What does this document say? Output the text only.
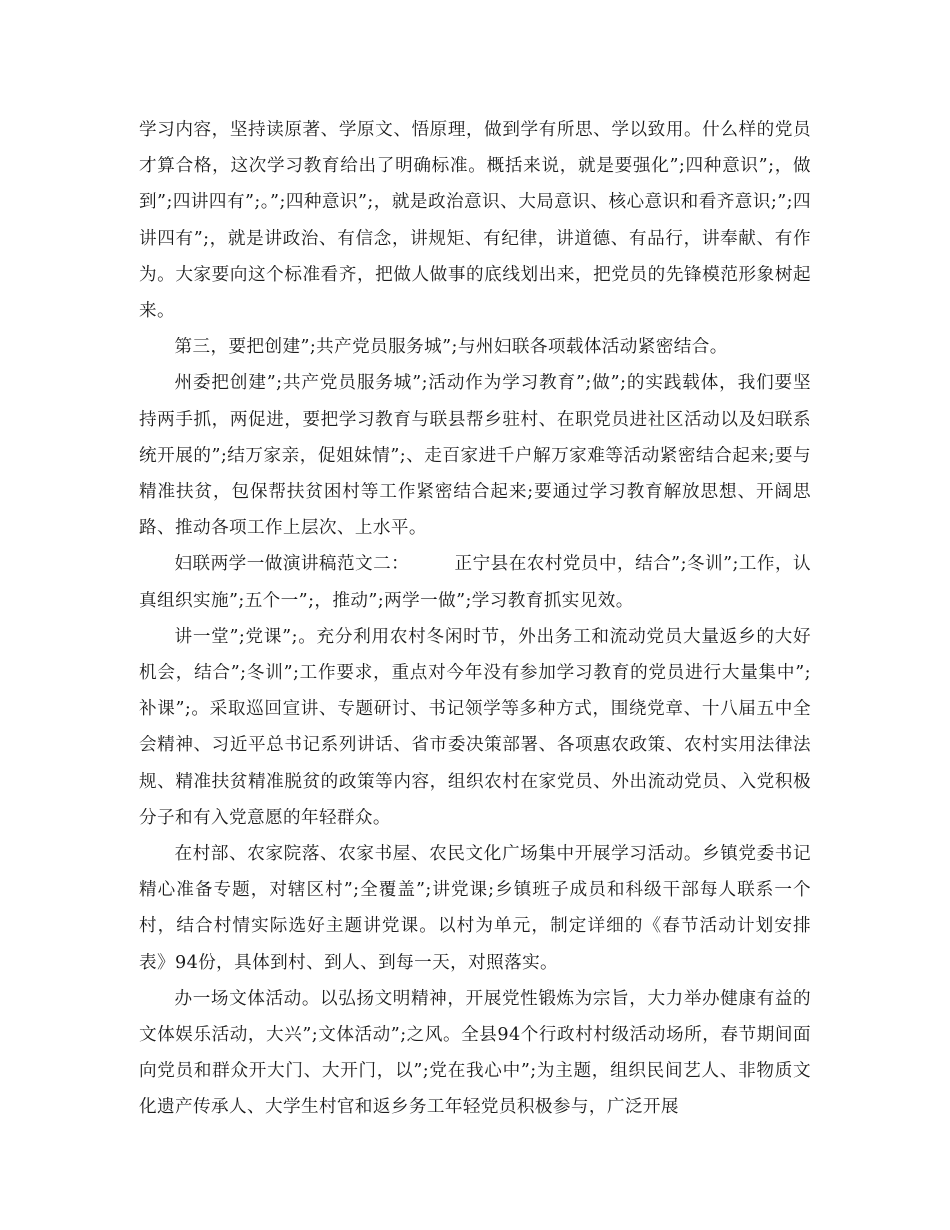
学习内容，坚持读原著、学原文、悟原理，做到学有所思、学以致用。什么样的党员才算合格，这次学习教育给出了明确标准。概括来说，就是要强化”;四种意识”;，做到”;四讲四有”;。”;四种意识”;，就是政治意识、大局意识、核心意识和看齐意识;”;四讲四有”;，就是讲政治、有信念，讲规矩、有纪律，讲道德、有品行，讲奉献、有作为。大家要向这个标准看齐，把做人做事的底线划出来，把党员的先锋模范形象树起来。

第三，要把创建”;共产党员服务城”;与州妇联各项载体活动紧密结合。

州委把创建”;共产党员服务城”;活动作为学习教育”;做”;的实践载体，我们要坚持两手抓，两促进，要把学习教育与联县帮乡驻村、在职党员进社区活动以及妇联系统开展的”;结万家亲，促姐妹情”;、走百家进千户解万家难等活动紧密结合起来;要与精准扶贫，包保帮扶贫困村等工作紧密结合起来;要通过学习教育解放思想、开阔思路、推动各项工作上层次、上水平。

妇联两学一做演讲稿范文二：　　　正宁县在农村党员中，结合”;冬训”;工作，认真组织实施”;五个一”;，推动”;两学一做”;学习教育抓实见效。

讲一堂”;党课”;。充分利用农村冬闲时节，外出务工和流动党员大量返乡的大好机会，结合”;冬训”;工作要求，重点对今年没有参加学习教育的党员进行大量集中”;补课”;。采取巡回宣讲、专题研讨、书记领学等多种方式，围绕党章、十八届五中全会精神、习近平总书记系列讲话、省市委决策部署、各项惠农政策、农村实用法律法规、精准扶贫精准脱贫的政策等内容，组织农村在家党员、外出流动党员、入党积极分子和有入党意愿的年轻群众。

在村部、农家院落、农家书屋、农民文化广场集中开展学习活动。乡镇党委书记精心准备专题，对辖区村”;全覆盖”;讲党课;乡镇班子成员和科级干部每人联系一个村，结合村情实际选好主题讲党课。以村为单元，制定详细的《春节活动计划安排表》94份，具体到村、到人、到每一天，对照落实。

办一场文体活动。以弘扬文明精神，开展党性锻炼为宗旨，大力举办健康有益的文体娱乐活动，大兴”;文体活动”;之风。全县94个行政村村级活动场所，春节期间面向党员和群众开大门、大开门，以”;党在我心中”;为主题，组织民间艺人、非物质文化遗产传承人、大学生村官和返乡务工年轻党员积极参与，广泛开展
